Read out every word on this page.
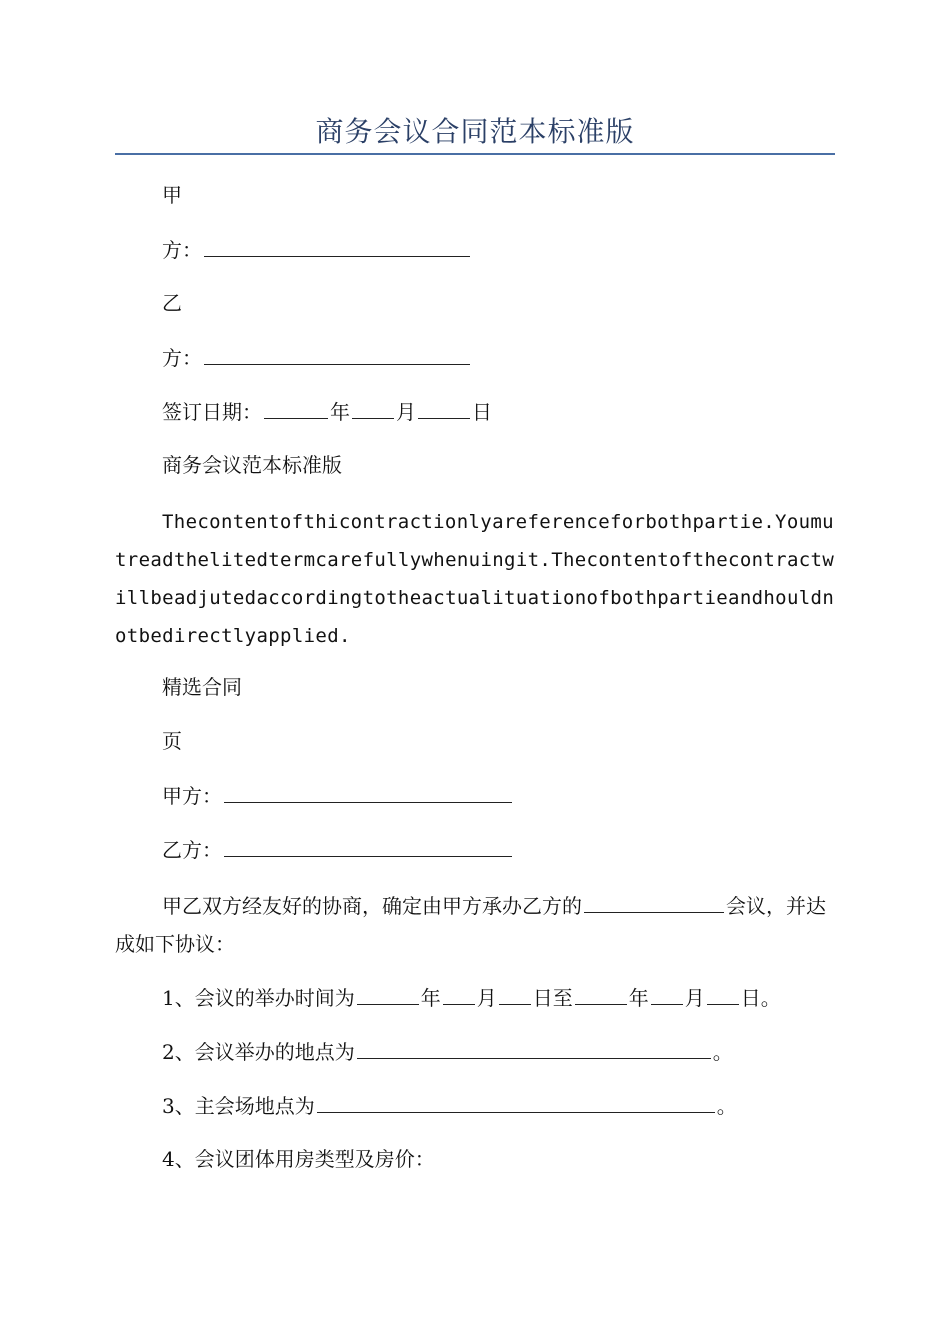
商务会议合同范本标准版
甲
方：
乙
方：
签订日期：	年 月	日
商务会议范本标准版
Thecontentofthicontractionlyareferenceforbothpartie.Youmutreadthelitedtermcarefullywhenuingit.Thecontentofthecontractwillbeadjutedaccordingtotheactualituationofbothpartieandhouldnotbedirectlyapplied.
精选合同
页
甲方：
乙方：
甲乙双方经友好的协商，确定由甲方承办乙方的	会议，并达成如下协议：
1、会议的举办时间为	年 月 日至	年 月 日。
2、会议举办的地点为	。
3、主会场地点为	。
4、会议团体用房类型及房价：
